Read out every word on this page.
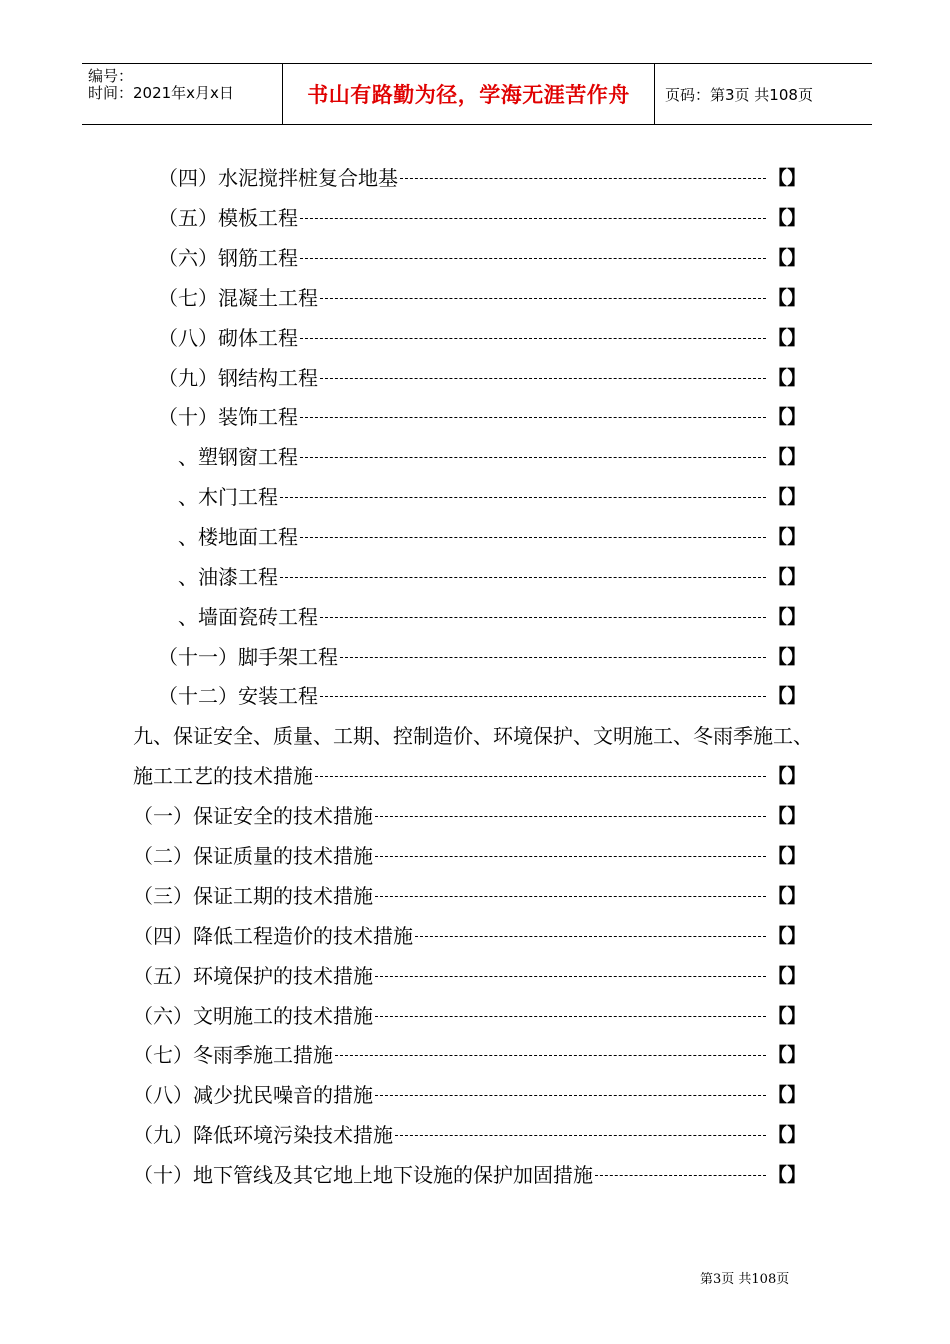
编号：
时间：2021年x月x日	书山有路勤为径，学海无涯苦作舟	页码：第3页 共108页
（四）水泥搅拌桩复合地基	【】
（五）模板工程	【】
（六）钢筋工程	【】
（七）混凝土工程	【】
（八）砌体工程	【】
（九）钢结构工程	【】
（十）装饰工程	【】
、塑钢窗工程	【】
、木门工程	【】
、楼地面工程	【】
、油漆工程	【】
、墙面瓷砖工程	【】
（十一）脚手架工程	【】
（十二）安装工程	【】
九、保证安全、质量、工期、控制造价、环境保护、文明施工、冬雨季施工、
施工工艺的技术措施	【】
（一）保证安全的技术措施	【】
（二）保证质量的技术措施	【】
（三）保证工期的技术措施	【】
（四）降低工程造价的技术措施	【】
（五）环境保护的技术措施	【】
（六）文明施工的技术措施	【】
（七）冬雨季施工措施	【】
（八）减少扰民噪音的措施	【】
（九）降低环境污染技术措施	【】
（十）地下管线及其它地上地下设施的保护加固措施	【】
第3页 共108页
